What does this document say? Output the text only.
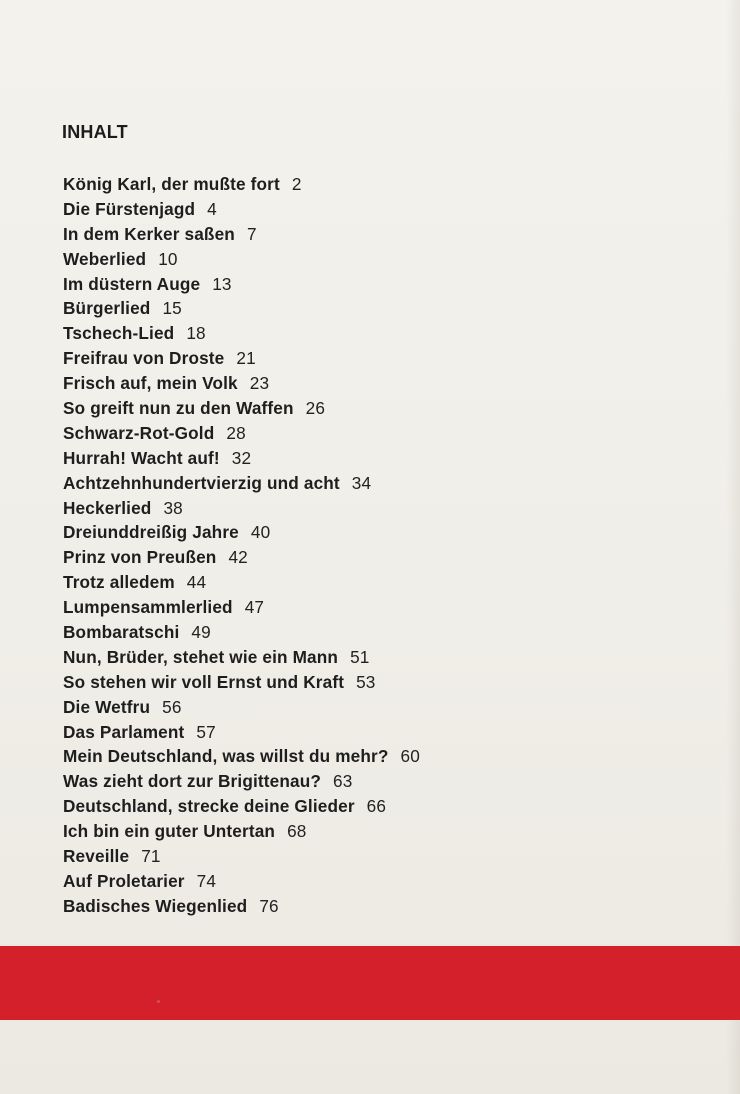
INHALT
König Karl, der mußte fort 2
Die Fürstenjagd 4
In dem Kerker saßen 7
Weberlied 10
Im düstern Auge 13
Bürgerlied 15
Tschech-Lied 18
Freifrau von Droste 21
Frisch auf, mein Volk 23
So greift nun zu den Waffen 26
Schwarz-Rot-Gold 28
Hurrah! Wacht auf! 32
Achtzehnhundertvierzig und acht 34
Heckerlied 38
Dreiunddreißig Jahre 40
Prinz von Preußen 42
Trotz alledem 44
Lumpensammlerlied 47
Bombaratschi 49
Nun, Brüder, stehet wie ein Mann 51
So stehen wir voll Ernst und Kraft 53
Die Wetfru 56
Das Parlament 57
Mein Deutschland, was willst du mehr? 60
Was zieht dort zur Brigittenau? 63
Deutschland, strecke deine Glieder 66
Ich bin ein guter Untertan 68
Reveille 71
Auf Proletarier 74
Badisches Wiegenlied 76
